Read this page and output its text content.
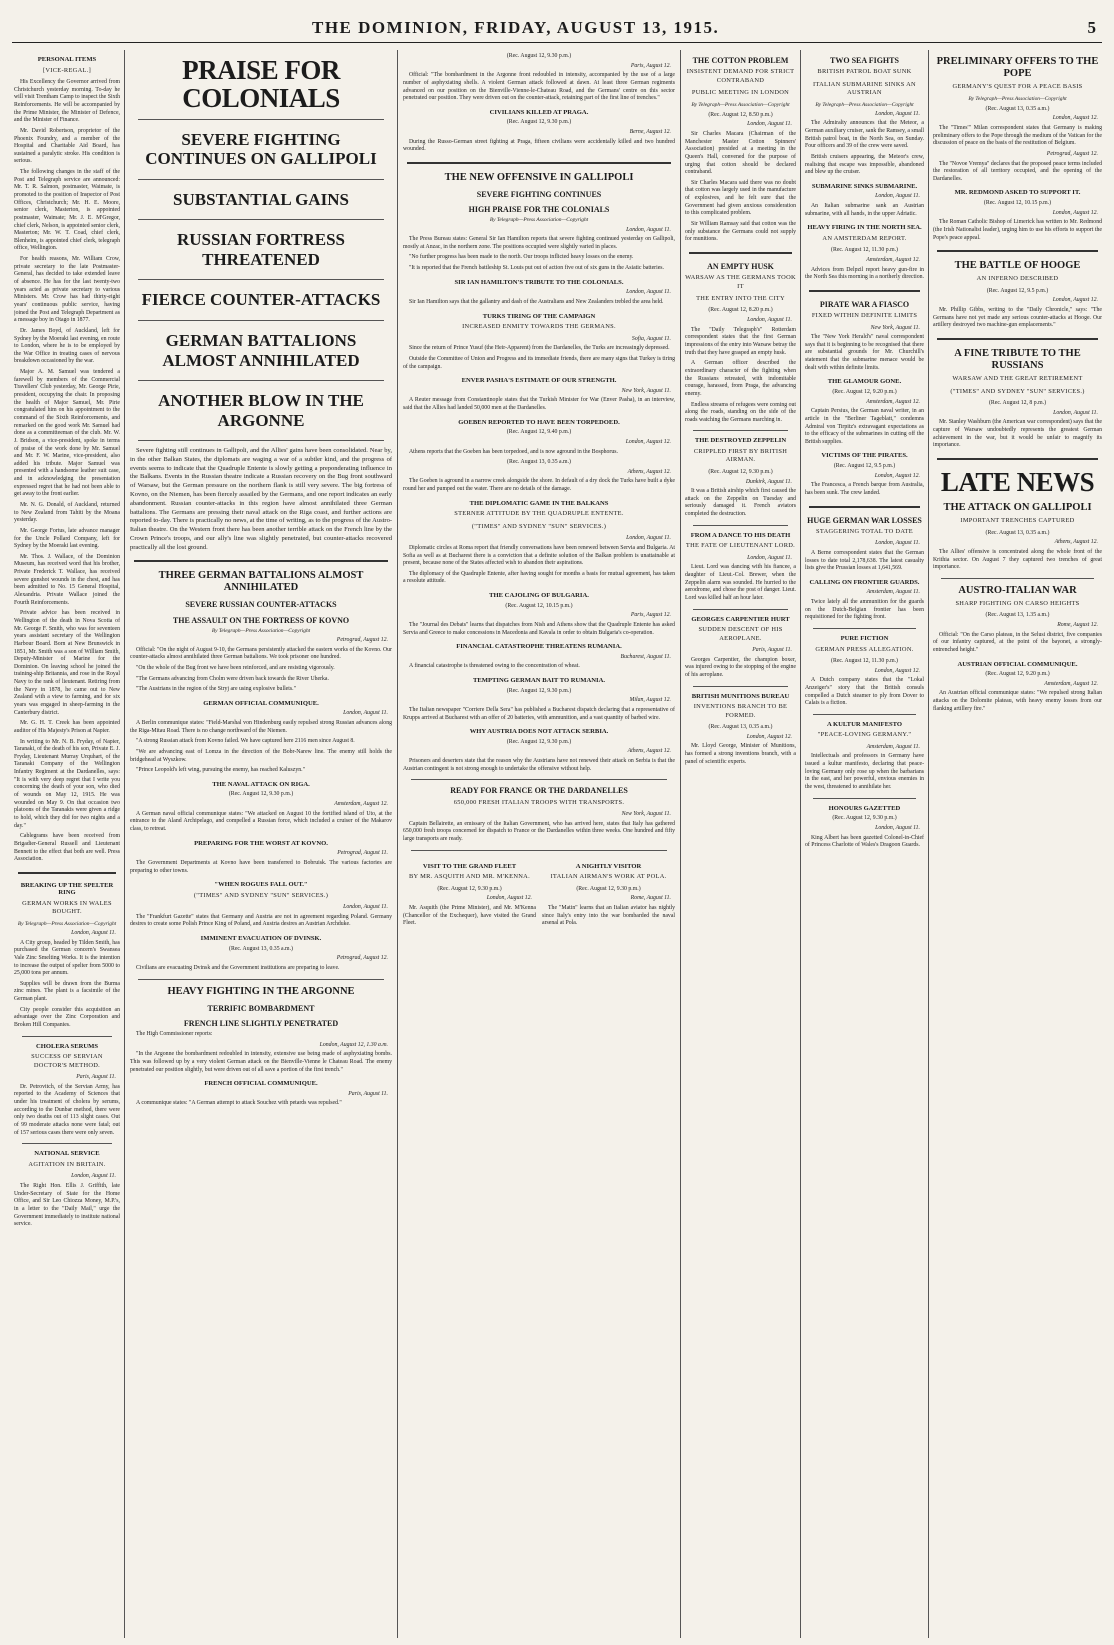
THE DOMINION, FRIDAY, AUGUST 13, 1915.	5
PERSONAL ITEMS
[VICE-REGAL.]

His Excellency the Governor arrived from Christchurch yesterday morning. To-day he will visit Trentham Camp to inspect the Sixth Reinforcements. He will be accompanied by the Prime Minister, the Minister of Defence, and the Minister of Finance.

Mr. David Robertson, proprietor of the Phoenix Foundry, and a member of the Hospital and Charitable Aid Board, has sustained a paralytic stroke. His condition is serious.

The following changes in the staff of the Post and Telegraph service are announced: Mr. T. R. Salmon, postmaster, Waimate, is promoted to the position of Inspector of Post Offices, Christchurch; Mr. H. E. Moore, senior clerk, Masterton, is appointed postmaster, Waimate; Mr. J. E. M'Gregor, chief clerk, Nelson, is appointed senior clerk, Masterton; Mr. W. T. Coad, chief clerk, Blenheim, is appointed chief clerk, telegraph office, Wellington.

For health reasons, Mr. William Crow, private secretary to the late Postmaster-General, has decided to take extended leave of absence. He has for the last twenty-two years acted as private secretary to various Ministers. Mr. Crow has had thirty-eight years' continuous public service, having joined the Post and Telegraph Department as a message boy in Otago in 1877.

Dr. James Boyd, of Auckland, left for Sydney by the Moeraki last evening, en route to London, where he is to be employed by the War Office in treating cases of nervous breakdown occasioned by the war.

Major A. M. Samuel was tendered a farewell by members of the Commercial Travellers' Club yesterday, Mr. George Pirie, president, occupying the chair. In proposing the health of Major Samuel, Mr. Pirie congratulated him on his appointment to the command of the Sixth Reinforcements, and remarked on the good work Mr. Samuel had done as a committeeman of the club. Mr. W. J. Bridson, a vice-president, spoke in terms of praise of the work done by Mr. Samuel and Mr. F. W. Marine, vice-president, also added his tribute. Major Samuel was presented with a handsome leather suit case, and in acknowledging the presentation expressed regret that he had not been able to get away to the front earlier.

Mr. N. G. Donald, of Auckland, returned to New Zealand from Tahiti by the Moana yesterday.

Mr. George Fortus, late advance manager for the Uncle Pollard Company, left for Sydney by the Moeraki last evening.

Mr. Thos. J. Wallace, of the Dominion Museum, has received word that his brother, Private Frederick T. Wallace, has received severe gunshot wounds in the chest, and has been admitted to No. 15 General Hospital, Alexandria. Private Wallace joined the Fourth Reinforcements.

Private advice has been received in Wellington of the death in Nova Scotia of Mr. George F. Smith, who was for seventeen years assistant secretary of the Wellington Harbour Board. Born at New Brunswick in 1851, Mr. Smith was a son of William Smith, Deputy-Minister of Marine for the Dominion. On leaving school he joined the training-ship Britannia, and rose in the Royal Navy to the rank of lieutenant. Retiring from the Navy in 1878, he came out to New Zealand with a view to farming, and for six years was engaged in sheep-farming in the Canterbury district.

Mr. G. H. T. Creek has been appointed auditor of His Majesty's Prison at Napier.

In writing to Mr. N. B. Fryday, of Napier, Taranaki, of the death of his son, Private E. J. Fryday, Lieutenant Murray Urquhart, of the Taranaki Company of the Wellington Infantry Regiment at the Dardanelles, says: "It is with very deep regret that I write you concerning the death of your son, who died of wounds on May 12, 1915. He was wounded on May 9. On that occasion two platoons of the Taranakis were given a ridge to hold, which they did for two nights and a day."

Cablegrams have been received from Brigadier-General Russell and Lieutenant Bennett to the effect that both are well. Press Association.

BREAKING UP THE SPELTER RING
GERMAN WORKS IN WALES BOUGHT.
By Telegraph—Press Association—Copyright
London, August 11.

A City group, headed by Tilden Smith, has purchased the German concern's Swansea Vale Zinc Smelting Works. It is the intention to increase the output of spelter from 5000 to 25,000 tons per annum.

Supplies will be drawn from the Burma zinc mines. The plant is a facsimile of the German plant.

City people consider this acquisition an advantage over the Zinc Corporation and Broken Hill Companies.

CHOLERA SERUMS
SUCCESS OF SERVIAN DOCTOR'S METHOD.
Paris, August 11.

Dr. Petrovitch, of the Servian Army, has reported to the Academy of Sciences that under his treatment of cholera by serums, according to the Dunbar method, there were only two deaths out of 113 slight cases. Out of 99 moderate attacks none were fatal; out of 157 serious cases there were only seven.

NATIONAL SERVICE
AGITATION IN BRITAIN.
London, August 11.

The Right Hon. Ellis J. Griffith, late Under-Secretary of State for the Home Office, and Sir Leo Chiozza Money, M.P.'s, in a letter to the "Daily Mail," urge the Government immediately to institute national service.

PRAISE FOR COLONIALS
SEVERE FIGHTING CONTINUES ON GALLIPOLI
SUBSTANTIAL GAINS
RUSSIAN FORTRESS THREATENED
FIERCE COUNTER-ATTACKS
GERMAN BATTALIONS ALMOST ANNIHILATED
ANOTHER BLOW IN THE ARGONNE

Severe fighting still continues in Gallipoli, and the Allies' gains have been consolidated. Near by, in the other Balkan States, the diplomats are waging a war of a subtler kind, and the progress of events seems to indicate that the Quadruple Entente is slowly getting a preponderating influence in the Balkans. Events in the Russian theatre indicate a Russian recovery on the Bug front southward of Warsaw, but the German pressure on the northern flank is still very severe. The big fortress of Kovno, on the Niemen, has been fiercely assailed by the Germans, and one report indicates an early abandonment. Russian counter-attacks in this region have almost annihilated three German battalions. The Germans are pressing their naval attack on the Riga coast, and further actions are reported to-day. There is practically no news, at the time of writing, as to the progress of the Austro-Italian theatre. On the Western front there has been another terrible attack on the French line by the Crown Prince's troops, and our ally's line was slightly penetrated, but counter-attacks recovered practically all the lost ground.

THREE GERMAN BATTALIONS ALMOST ANNIHILATED
SEVERE RUSSIAN COUNTER-ATTACKS
THE ASSAULT ON THE FORTRESS OF KOVNO
By Telegraph—Press Association—Copyright
Petrograd, August 12.

Official: "On the night of August 9-10, the Germans persistently attacked the eastern works of the Kovno. Our counter-attacks almost annihilated three German battalions. We took prisoner one hundred.

"On the whole of the Bug front we have been reinforced, and are resisting vigorously.

"The Germans advancing from Cholm were driven back towards the River Uherka.

"The Austrians in the region of the Stryj are using explosive bullets."

GERMAN OFFICIAL COMMUNIQUE.
London, August 11.

A Berlin communique states: "Field-Marshal von Hindenburg easily repulsed strong Russian advances along the Riga-Mitau Road. There is no change northward of the Niemen.

"A strong Russian attack from Kovno failed. We have captured here 2116 men since August 8.

"We are advancing east of Lomza in the direction of the Bobr-Narew line. The enemy still holds the bridgehead at Wyszkow.

"Prince Leopold's left wing, pursuing the enemy, has reached Kaluszyn."

THE NAVAL ATTACK ON RIGA.
(Rec. August 12, 9.30 p.m.)
Amsterdam, August 12.

A German naval official communique states: "We attacked on August 10 the fortified island of Uto, at the entrance to the Aland Archipelago, and compelled a Russian force, which included a cruiser of the Makarov class, to retreat.

PREPARING FOR THE WORST AT KOVNO.
Petrograd, August 11.

The Government Departments at Kovno have been transferred to Bobruisk. The various factories are preparing to other towns.

"WHEN ROGUES FALL OUT."
("TIMES" AND SYDNEY "SUN" SERVICES.)
London, August 11.

The "Frankfurt Gazette" states that Germany and Austria are not in agreement regarding Poland. Germany desires to create some Polish Prince King of Poland, and Austria desires an Austrian Archduke.

IMMINENT EVACUATION OF DVINSK.
(Rec. August 13, 0.35 a.m.)
Petrograd, August 12.

Civilians are evacuating Dvinsk and the Government institutions are preparing to leave.

HEAVY FIGHTING IN THE ARGONNE
TERRIFIC BOMBARDMENT
FRENCH LINE SLIGHTLY PENETRATED

The High Commissioner reports:

London, August 12, 1.30 a.m.

"In the Argonne the bombardment redoubled in intensity, extensive use being made of asphyxiating bombs. This was followed up by a very violent German attack on the Bienville-Vienne le Chateau Road. The enemy penetrated our position slightly, but were driven out of all save a portion of the first trench."

FRENCH OFFICIAL COMMUNIQUE.
Paris, August 11.

A communique states: "A German attempt to attack Souchez with petards was repulsed."

(Rec. August 12, 9.30 p.m.)
Paris, August 12.

Official: "The bombardment in the Argonne front redoubled in intensity, accompanied by the use of a large number of asphyxiating shells. A violent German attack followed at dawn. At least three German regiments advanced on our position on the Bienville-Vienne-le-Chateau Road, and the Germans' centre on this sector penetrated our position. They were driven out on the counter-attack, retaining part of the first line of trenches."

CIVILIANS KILLED AT PRAGA.
(Rec. August 12, 9.30 p.m.)
Berne, August 12.

During the Russo-German street fighting at Praga, fifteen civilians were accidentally killed and two hundred wounded.

THE NEW OFFENSIVE IN GALLIPOLI
SEVERE FIGHTING CONTINUES
HIGH PRAISE FOR THE COLONIALS
By Telegraph—Press Association—Copyright
London, August 11.

The Press Bureau states: General Sir Ian Hamilton reports that severe fighting continued yesterday on Gallipoli, mostly at Anzac, in the northern zone. The positions occupied were slightly varied in places.

"No further progress has been made to the north. Our troops inflicted heavy losses on the enemy.

"It is reported that the French battleship St. Louis put out of action five out of six guns in the Asiatic batteries.

SIR IAN HAMILTON'S TRIBUTE TO THE COLONIALS.
London, August 11.

Sir Ian Hamilton says that the gallantry and dash of the Australians and New Zealanders trebled the area held.

TURKS TIRING OF THE CAMPAIGN
INCREASED ENMITY TOWARDS THE GERMANS.
Sofia, August 11.

Since the return of Prince Yusuf (the Heir-Apparent) from the Dardanelles, the Turks are increasingly depressed.

Outside the Committee of Union and Progress and its immediate friends, there are many signs that Turkey is tiring of the campaign.

ENVER PASHA'S ESTIMATE OF OUR STRENGTH.
New York, August 11.

A Reuter message from Constantinople states that the Turkish Minister for War (Enver Pasha), in an interview, said that the Allies had landed 50,000 men at the Dardanelles.

GOEBEN REPORTED TO HAVE BEEN TORPEDOED.
(Rec. August 12, 9.40 p.m.)
London, August 12.

Athens reports that the Goeben has been torpedoed, and is now aground in the Bosphorus.

(Rec. August 13, 0.35 a.m.)
Athens, August 12.

The Goeben is aground in a narrow creek alongside the shore. In default of a dry dock the Turks have built a dyke round her and pumped out the water. There are no details of the damage.

THE DIPLOMATIC GAME IN THE BALKANS
STERNER ATTITUDE BY THE QUADRUPLE ENTENTE.
("TIMES" AND SYDNEY "SUN" SERVICES.)
London, August 11.

Diplomatic circles at Roma report that friendly conversations have been renewed between Servia and Bulgaria. At Sofia as well as at Bucharest there is a conviction that a definite solution of the Balkan problem is unattainable at present, because none of the States affected wish to abandon their aspirations.

The diplomacy of the Quadruple Entente, after having sought for months a basis for mutual agreement, has taken a resolute attitude.

THE CAJOLING OF BULGARIA.
(Rec. August 12, 10.15 p.m.)
Paris, August 12.

The "Journal des Debats" learns that dispatches from Nish and Athens show that the Quadruple Entente has asked Servia and Greece to make concessions in Macedonia and Kavala in order to obtain Bulgaria's co-operation.

FINANCIAL CATASTROPHE THREATENS RUMANIA.
Bucharest, August 11.

A financial catastrophe is threatened owing to the concentration of wheat.

TEMPTING GERMAN BAIT TO RUMANIA.
(Rec. August 12, 9.30 p.m.)
Milan, August 12.

The Italian newspaper "Corriere Della Sera" has published a Bucharest dispatch declaring that a representative of Krupps arrived at Bucharest with an offer of 20 batteries, with ammunition, and a vast quantity of barbed wire.

WHY AUSTRIA DOES NOT ATTACK SERBIA.
(Rec. August 12, 9.30 p.m.)
Athens, August 12.

Prisoners and deserters state that the reason why the Austrians have not renewed their attack on Serbia is that the Austrian contingent is not strong enough to undertake the offensive without help.

READY FOR FRANCE OR THE DARDANELLES
650,000 FRESH ITALIAN TROOPS WITH TRANSPORTS.
New York, August 11.

Captain Bellairette, an emissary of the Italian Government, who has arrived here, states that Italy has gathered 650,000 fresh troops concerned for dispatch to France or the Dardanelles within three weeks. One hundred and fifty large transports are ready.

VISIT TO THE GRAND FLEET
BY MR. ASQUITH AND MR. M'KENNA.
(Rec. August 12, 9.30 p.m.)
London, August 12.

Mr. Asquith (the Prime Minister), and Mr. M'Kenna (Chancellor of the Exchequer), have visited the Grand Fleet.

A NIGHTLY VISITOR
ITALIAN AIRMAN'S WORK AT POLA.
(Rec. August 12, 9.30 p.m.)
Rome, August 11.

The "Matin" learns that an Italian aviator has nightly since Italy's entry into the war bombarded the naval arsenal at Pola.

THE COTTON PROBLEM
INSISTENT DEMAND FOR STRICT CONTRABAND
PUBLIC MEETING IN LONDON
By Telegraph—Press Association—Copyright
(Rec. August 12, 8.50 p.m.)
London, August 11.

Sir Charles Macara (Chairman of the Manchester Master Cotton Spinners' Association) presided at a meeting in the Queen's Hall, convened for the purpose of urging that cotton should be declared contraband.

Sir Charles Macara said there was no doubt that cotton was largely used in the manufacture of explosives, and he felt sure that the Government had given anxious consideration to this complicated problem.

Sir William Ramsay said that cotton was the only substance the Germans could not supply for munitions.

AN EMPTY HUSK
WARSAW AS THE GERMANS TOOK IT
THE ENTRY INTO THE CITY
(Rec. August 12, 8.20 p.m.)
London, August 11.

The "Daily Telegraph's" Rotterdam correspondent states that the first German impressions of the entry into Warsaw betray the truth that they have grasped an empty husk.

A German officer described the extraordinary character of the fighting when the Russians retreated, with indomitable courage, harassed, from Praga, the advancing enemy.

Endless streams of refugees were coming out along the roads, standing on the side of the roads watching the Germans marching in.

THE DESTROYED ZEPPELIN
CRIPPLED FIRST BY BRITISH AIRMAN.
(Rec. August 12, 9.30 p.m.)
Dunkirk, August 11.

It was a British airship which first caused the attack on the Zeppelin on Tuesday and seriously damaged it. French aviators completed the destruction.

FROM A DANCE TO HIS DEATH
THE FATE OF LIEUTENANT LORD.
London, August 11.

Lieut. Lord was dancing with his fiancee, a daughter of Lieut.-Col. Brewer, when the Zeppelin alarm was sounded. He hurried to the aerodrome, and chose the post of danger. Lieut. Lord was killed half an hour later.

GEORGES CARPENTIER HURT
SUDDEN DESCENT OF HIS AEROPLANE.
Paris, August 11.

Georges Carpentier, the champion boxer, was injured owing to the stopping of the engine of his aeroplane.

BRITISH MUNITIONS BUREAU
INVENTIONS BRANCH TO BE FORMED.
(Rec. August 13, 0.35 a.m.)
London, August 12.

Mr. Lloyd George, Minister of Munitions, has formed a strong inventions branch, with a panel of scientific experts.

TWO SEA FIGHTS
BRITISH PATROL BOAT SUNK
ITALIAN SUBMARINE SINKS AN AUSTRIAN
By Telegraph—Press Association—Copyright
London, August 11.

The Admiralty announces that the Meteor, a German auxiliary cruiser, sank the Ramsey, a small British patrol boat, in the North Sea, on Sunday. Four officers and 39 of the crew were saved.

British cruisers appearing, the Meteor's crew, realising that escape was impossible, abandoned and blew up the cruiser.

SUBMARINE SINKS SUBMARINE.
London, August 11.

An Italian submarine sank an Austrian submarine, with all hands, in the upper Adriatic.

HEAVY FIRING IN THE NORTH SEA.
AN AMSTERDAM REPORT.
(Rec. August 12, 11.30 p.m.)
Amsterdam, August 12.

Advices from Delpzil report heavy gun-fire in the North Sea this morning in a northerly direction.

PIRATE WAR A FIASCO
FIXED WITHIN DEFINITE LIMITS
New York, August 11.

The "New York Herald's" naval correspondent says that it is beginning to be recognised that there are substantial grounds for Mr. Churchill's statement that the submarine menace would be dealt with within definite limits.

THE GLAMOUR GONE.
(Rec. August 12, 9.20 p.m.)
Amsterdam, August 12.

Captain Persius, the German naval writer, in an article in the "Berliner Tageblatt," condemns Admiral von Tirpitz's extravagant expectations as to the efficacy of the submarines in cutting off the British supplies.

VICTIMS OF THE PIRATES.
(Rec. August 12, 9.5 p.m.)
London, August 12.

The Francesca, a French barque from Australia, has been sunk. The crew landed.

HUGE GERMAN WAR LOSSES
STAGGERING TOTAL TO DATE
London, August 11.

A Berne correspondent states that the German losses to date total 2,178,638. The latest casualty lists give the Prussian losses at 1,641,569.

CALLING ON FRONTIER GUARDS.
Amsterdam, August 11.

Twice lately all the ammunition for the guards on the Dutch-Belgian frontier has been requisitioned for the fighting front.

PURE FICTION
GERMAN PRESS ALLEGATION.
(Rec. August 12, 11.30 p.m.)
London, August 12.

A Dutch company states that the "Lokal Anzeiger's" story that the British consuls compelled a Dutch steamer to ply from Dover to Calais is a fiction.

A KULTUR MANIFESTO
"PEACE-LOVING GERMANY."
Amsterdam, August 11.

Intellectuals and professors in Germany have issued a kultur manifesto, declaring that peace-loving Germany only rose up when the barbarians in the east, and her powerful, envious enemies in the west, threatened to annihilate her.

HONOURS GAZETTED
(Rec. August 12, 9.30 p.m.)
London, August 11.

King Albert has been gazetted Colonel-in-Chief of Princess Charlotte of Wales's Dragoon Guards.

PRELIMINARY OFFERS TO THE POPE
GERMANY'S QUEST FOR A PEACE BASIS
By Telegraph—Press Association—Copyright
(Rec. August 13, 0.35 a.m.)
London, August 12.

The "Times'" Milan correspondent states that Germany is making preliminary offers to the Pope through the medium of the Vatican for the discussion of peace on the basis of the restitution of Belgium.

Petrograd, August 12.

The "Novoe Vremya" declares that the proposed peace terms included the restoration of all territory occupied, and the opening of the Dardanelles.

MR. REDMOND ASKED TO SUPPORT IT.
(Rec. August 12, 10.15 p.m.)
London, August 12.

The Roman Catholic Bishop of Limerick has written to Mr. Redmond (the Irish Nationalist leader), urging him to use his efforts to support the Pope's peace appeal.

THE BATTLE OF HOOGE
AN INFERNO DESCRIBED
(Rec. August 12, 9.5 p.m.)
London, August 12.

Mr. Phillip Gibbs, writing to the "Daily Chronicle," says: "The Germans have not yet made any serious counter-attacks at Hooge. Our artillery destroyed two machine-gun emplacements."

A FINE TRIBUTE TO THE RUSSIANS
WARSAW AND THE GREAT RETIREMENT
("TIMES" AND SYDNEY "SUN" SERVICES.)
(Rec. August 12, 8 p.m.)
London, August 11.

Mr. Stanley Washburn (the American war correspondent) says that the capture of Warsaw undoubtedly represents the greatest German achievement in the war, but it would be unfair to magnify its importance.

LATE NEWS
THE ATTACK ON GALLIPOLI
IMPORTANT TRENCHES CAPTURED
(Rec. August 13, 0.35 a.m.)
Athens, August 12.

The Allies' offensive is concentrated along the whole front of the Krithia sector. On August 7 they captured two trenches of great importance.

AUSTRO-ITALIAN WAR
SHARP FIGHTING ON CARSO HEIGHTS
(Rec. August 13, 1.35 a.m.)
Rome, August 12.

Official: "On the Carso plateau, in the Selusi district, five companies of our infantry captured, at the point of the bayonet, a strongly-entrenched height."

AUSTRIAN OFFICIAL COMMUNIQUE.
(Rec. August 12, 9.20 p.m.)
Amsterdam, August 12.

An Austrian official communique states: "We repulsed strong Italian attacks on the Dolomite plateau, with heavy enemy losses from our flanking artillery fire."
